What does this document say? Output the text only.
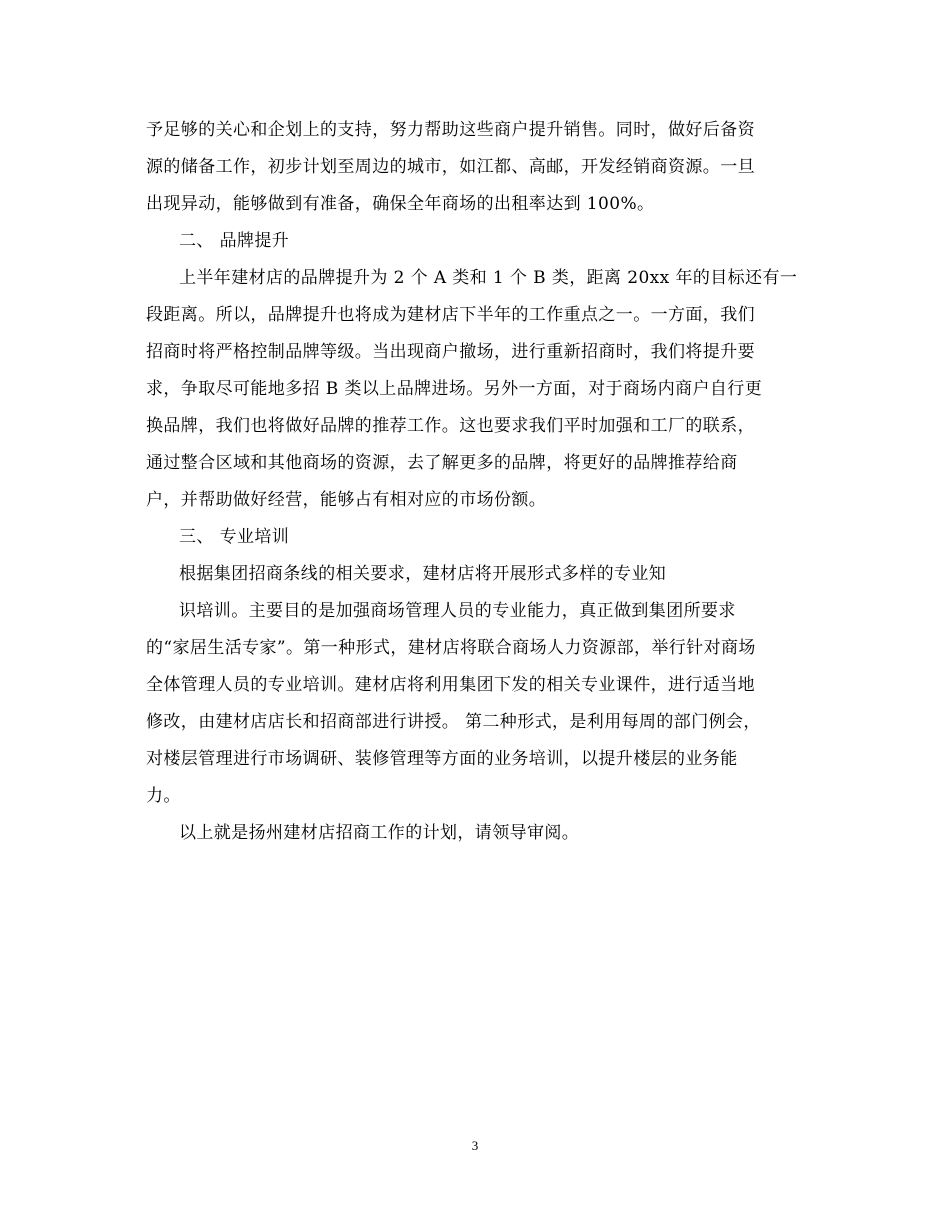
予足够的关心和企划上的支持，努力帮助这些商户提升销售。同时，做好后备资
源的储备工作，初步计划至周边的城市，如江都、高邮，开发经销商资源。一旦
出现异动，能够做到有准备，确保全年商场的出租率达到 100%。
二、 品牌提升
上半年建材店的品牌提升为 2 个 A 类和 1 个 B 类，距离 20xx 年的目标还有一
段距离。所以，品牌提升也将成为建材店下半年的工作重点之一。一方面，我们
招商时将严格控制品牌等级。当出现商户撤场，进行重新招商时，我们将提升要
求，争取尽可能地多招 B 类以上品牌进场。另外一方面，对于商场内商户自行更
换品牌，我们也将做好品牌的推荐工作。这也要求我们平时加强和工厂的联系，
通过整合区域和其他商场的资源，去了解更多的品牌，将更好的品牌推荐给商
户，并帮助做好经营，能够占有相对应的市场份额。
三、 专业培训
根据集团招商条线的相关要求，建材店将开展形式多样的专业知
识培训。主要目的是加强商场管理人员的专业能力，真正做到集团所要求
的“家居生活专家”。第一种形式，建材店将联合商场人力资源部，举行针对商场
全体管理人员的专业培训。建材店将利用集团下发的相关专业课件，进行适当地
修改，由建材店店长和招商部进行讲授。 第二种形式，是利用每周的部门例会，
对楼层管理进行市场调研、装修管理等方面的业务培训，以提升楼层的业务能
力。
以上就是扬州建材店招商工作的计划，请领导审阅。
3
